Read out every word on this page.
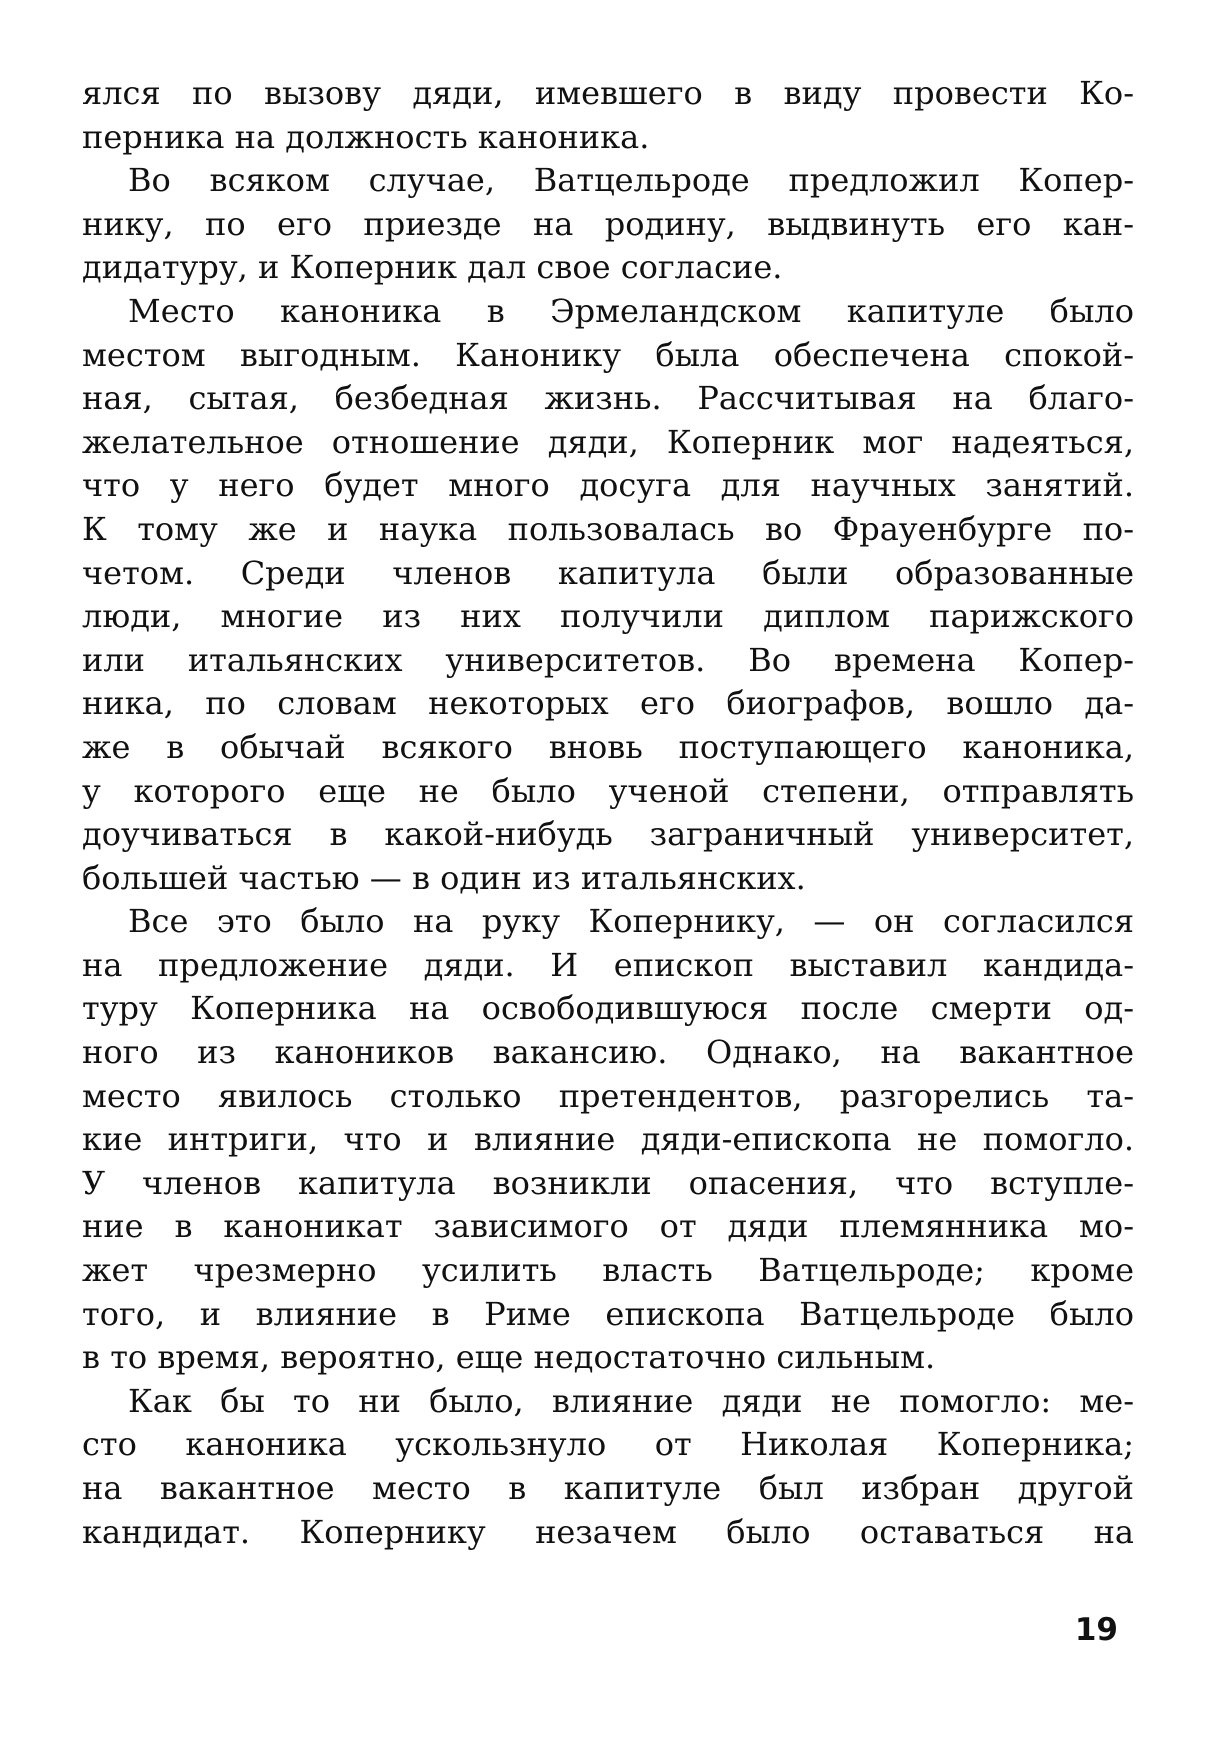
ялся по вызову дяди, имевшего в виду провести Ко-
перника на должность каноника.
Во всяком случае, Ватцельроде предложил Копер-
нику, по его приезде на родину, выдвинуть его кан-
дидатуру, и Коперник дал свое согласие.
Место каноника в Эрмеландском капитуле было
местом выгодным. Канонику была обеспечена спокой-
ная, сытая, безбедная жизнь. Рассчитывая на благо-
желательное отношение дяди, Коперник мог надеяться,
что у него будет много досуга для научных занятий.
К тому же и наука пользовалась во Фрауенбурге по-
четом. Среди членов капитула были образованные
люди, многие из них получили диплом парижского
или итальянских университетов. Во времена Копер-
ника, по словам некоторых его биографов, вошло да-
же в обычай всякого вновь поступающего каноника,
у которого еще не было ученой степени, отправлять
доучиваться в какой-нибудь заграничный университет,
большей частью — в один из итальянских.
Все это было на руку Копернику, — он согласился
на предложение дяди. И епископ выставил кандида-
туру Коперника на освободившуюся после смерти од-
ного из каноников вакансию. Однако, на вакантное
место явилось столько претендентов, разгорелись та-
кие интриги, что и влияние дяди-епископа не помогло.
У членов капитула возникли опасения, что вступле-
ние в каноникат зависимого от дяди племянника мо-
жет чрезмерно усилить власть Ватцельроде; кроме
того, и влияние в Риме епископа Ватцельроде было
в то время, вероятно, еще недостаточно сильным.
Как бы то ни было, влияние дяди не помогло: ме-
сто каноника ускользнуло от Николая Коперника;
на вакантное место в капитуле был избран другой
кандидат. Копернику незачем было оставаться на
19
